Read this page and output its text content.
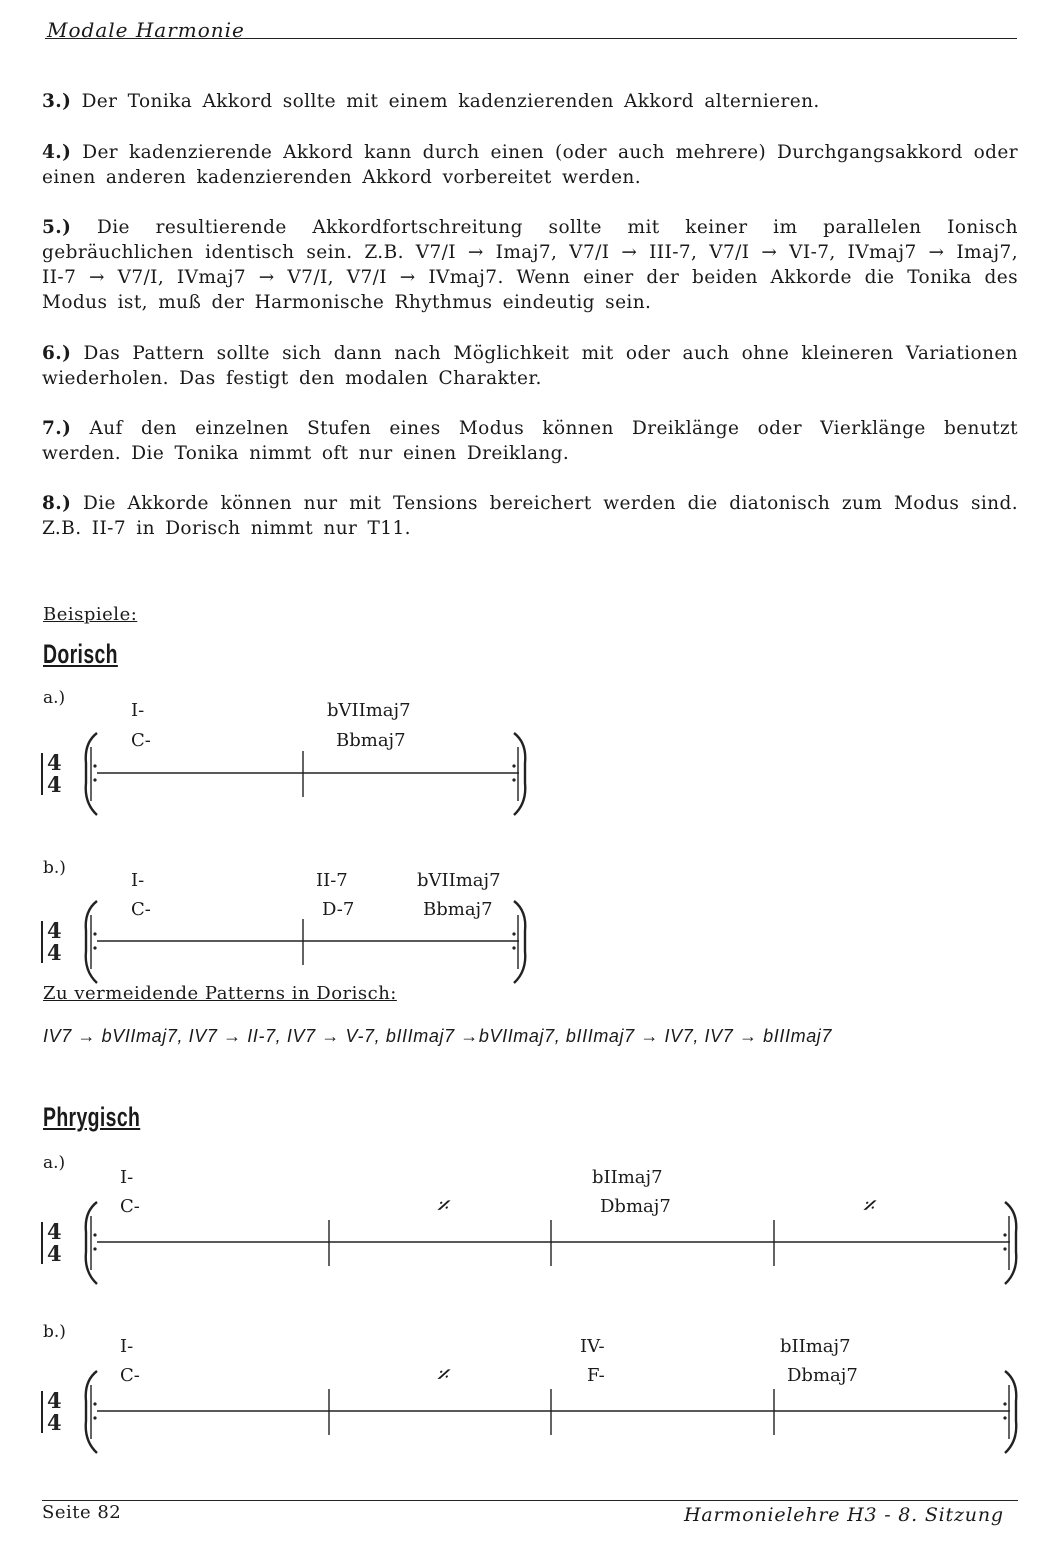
Modale Harmonie
3.) Der Tonika Akkord sollte mit einem kadenzierenden Akkord alternieren.
4.) Der kadenzierende Akkord kann durch einen (oder auch mehrere) Durchgangsakkord oder einen anderen kadenzierenden Akkord vorbereitet werden.
5.) Die resultierende Akkordfortschreitung sollte mit keiner im parallelen Ionisch gebräuchlichen identisch sein. Z.B. V7/I → Imaj7, V7/I → III-7, V7/I → VI-7, IVmaj7 → Imaj7, II-7 → V7/I, IVmaj7 → V7/I, V7/I → IVmaj7. Wenn einer der beiden Akkorde die Tonika des Modus ist, muß der Harmonische Rhythmus eindeutig sein.
6.) Das Pattern sollte sich dann nach Möglichkeit mit oder auch ohne kleineren Variationen wiederholen. Das festigt den modalen Charakter.
7.) Auf den einzelnen Stufen eines Modus können Dreiklänge oder Vierklänge benutzt werden. Die Tonika nimmt oft nur einen Dreiklang.
8.) Die Akkorde können nur mit Tensions bereichert werden die diatonisch zum Modus sind. Z.B. II-7 in Dorisch nimmt nur T11.
Beispiele:
Dorisch
a.)
I-
C-
bVIImaj7
Bbmaj7
b.)
I-
C-
II-7
D-7
bVIImaj7
Bbmaj7
Zu vermeidende Patterns in Dorisch:
IV7 → bVIImaj7, IV7 → II-7, IV7 → V-7, bIIImaj7 →bVIImaj7, bIIImaj7 → IV7, IV7 → bIIImaj7
Phrygisch
a.)
I-
C-
bIImaj7
Dbmaj7
𝄎	𝄎
b.)
I-
C-
IV-
F-
bIImaj7
Dbmaj7
𝄎
4
4
4
4
4
4
4
4
Seite 82	Harmonielehre H3 - 8. Sitzung
